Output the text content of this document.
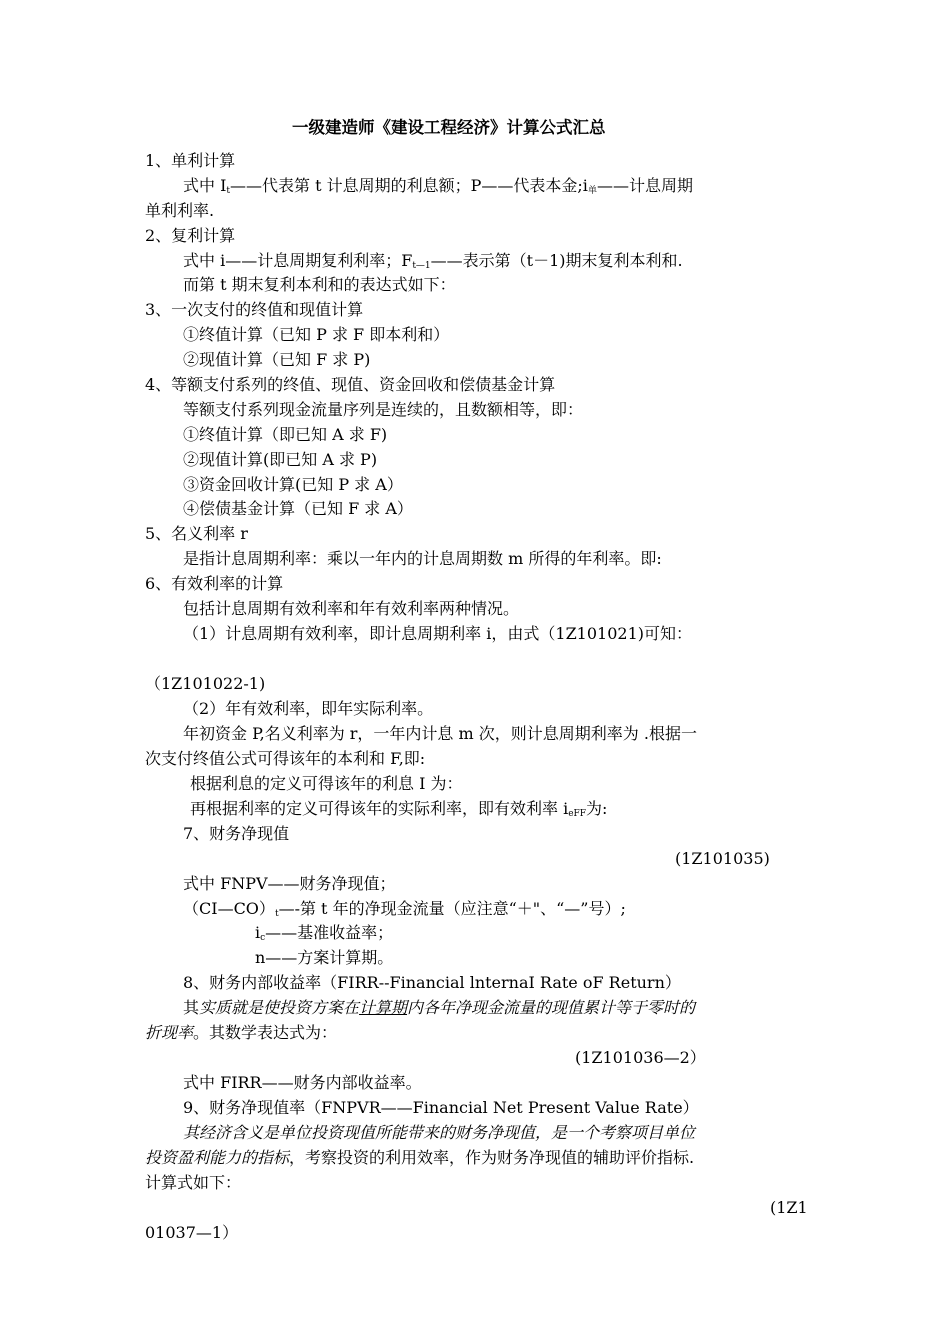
一级建造师《建设工程经济》计算公式汇总
1、单利计算
式中 $I_t——$代表第 t 计息周期的利息额；P——代表本金$;i_单——$计息周期
单利利率.
2、复利计算
式中 i——计息周期复利利率；$F_{t—1}——$表示第（t－1)期末复利本利和.
而第 t 期末复利本利和的表达式如下：
3、一次支付的终值和现值计算
①终值计算（已知 P 求 F 即本利和）
②现值计算（已知 F 求 P)
4、等额支付系列的终值、现值、资金回收和偿债基金计算
等额支付系列现金流量序列是连续的，且数额相等，即：
①终值计算（即已知 A 求 F)
②现值计算(即已知 A 求 P)
③资金回收计算(已知 P 求 A）
④偿债基金计算（已知 F 求 A）
5、名义利率 r
是指计息周期利率：乘以一年内的计息周期数 m 所得的年利率。即:
6、有效利率的计算
包括计息周期有效利率和年有效利率两种情况。
（1）计息周期有效利率，即计息周期利率 i，由式（1Z101021)可知：
（1Z101022-1)
（2）年有效利率，即年实际利率。
年初资金 P,名义利率为 r，一年内计息 m 次，则计息周期利率为 .根据一
次支付终值公式可得该年的本利和 F,即:
根据利息的定义可得该年的利息 I 为：
再根据利率的定义可得该年的实际利率，即有效利率 $i_{eFF}$为:
7、财务净现值
(1Z101035)
式中 FNPV——财务净现值；
$(CI—CO)_t—-$第 t 年的净现金流量（应注意“＋"、“—”号）;
$i_c——$基准收益率；
n——方案计算期。
8、财务内部收益率（FIRR--Financial lnternaI Rate oF Return）
其实质就是使投资方案在计算期内各年净现金流量的现值累计等于零时的
折现率。其数学表达式为：
(1Z101036—2）
式中 FIRR——财务内部收益率。
9、财务净现值率（FNPVR——Financial Net Present Value Rate）
其经济含义是单位投资现值所能带来的财务净现值，是一个考察项目单位
投资盈利能力的指标，考察投资的利用效率，作为财务净现值的辅助评价指标.
计算式如下：
(1Z1
01037—1）
